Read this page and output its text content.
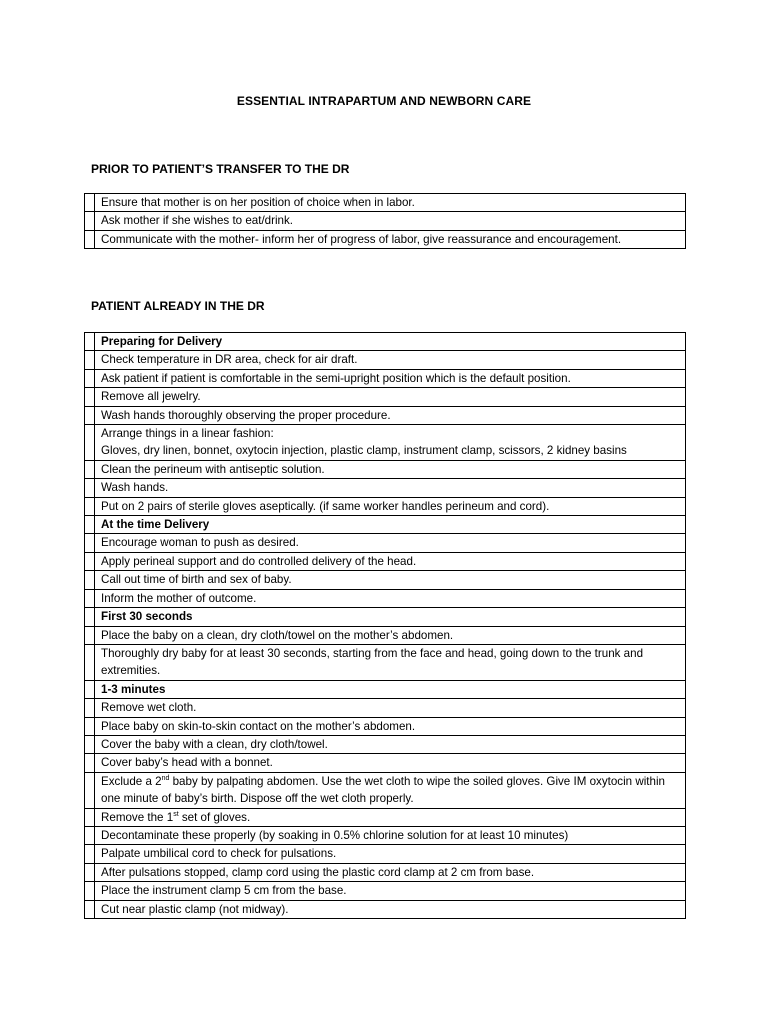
ESSENTIAL INTRAPARTUM AND NEWBORN CARE
PRIOR TO PATIENT’S TRANSFER TO THE DR
	Ensure that mother is on her position of choice when in labor.
	Ask mother if she wishes to eat/drink.
	Communicate with the mother- inform her of progress of labor, give reassurance and encouragement.
PATIENT ALREADY IN THE DR
	Preparing for Delivery
	Check temperature in DR area, check for air draft.
	Ask patient if patient is comfortable in the semi-upright position which is the default position.
	Remove all jewelry.
	Wash hands thoroughly observing the proper procedure.
	Arrange things in a linear fashion:
Gloves, dry linen, bonnet, oxytocin injection, plastic clamp, instrument clamp, scissors, 2 kidney basins
	Clean the perineum with antiseptic solution.
	Wash hands.
	Put on 2 pairs of sterile gloves aseptically. (if same worker handles perineum and cord).
	At the time Delivery
	Encourage woman to push as desired.
	Apply perineal support and do controlled delivery of the head.
	Call out time of birth and sex of baby.
	Inform the mother of outcome.
	First 30 seconds
	Place the baby on a clean, dry cloth/towel on the mother’s abdomen.
	Thoroughly dry baby for at least 30 seconds, starting from the face and head, going down to the trunk and extremities.
	1-3 minutes
	Remove wet cloth.
	Place baby on skin-to-skin contact on the mother’s abdomen.
	Cover the baby with a clean, dry cloth/towel.
	Cover baby’s head with a bonnet.
	Exclude a 2nd baby by palpating abdomen. Use the wet cloth to wipe the soiled gloves. Give IM oxytocin within one minute of baby’s birth. Dispose off the wet cloth properly.
	Remove the 1st set of gloves.
	Decontaminate these properly (by soaking in 0.5% chlorine solution for at least 10 minutes)
	Palpate umbilical cord to check for pulsations.
	After pulsations stopped, clamp cord using the plastic cord clamp at 2 cm from base.
	Place the instrument clamp 5 cm from the base.
	Cut near plastic clamp (not midway).
